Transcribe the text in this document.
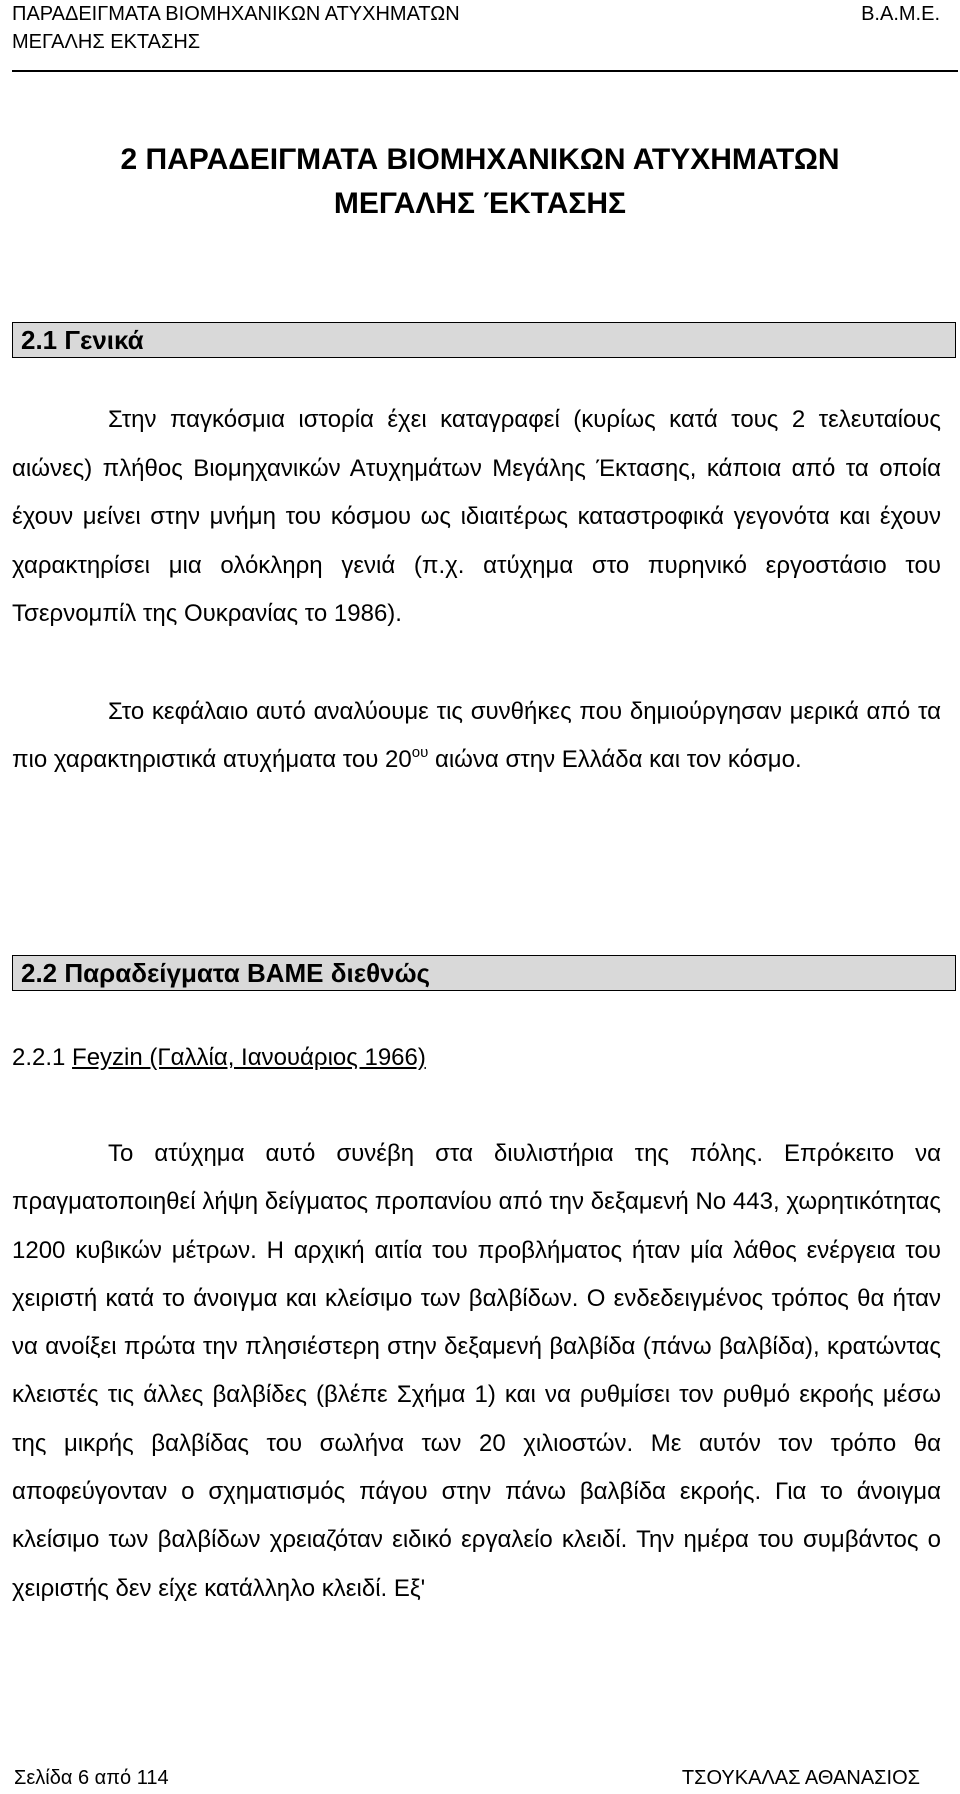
ΠΑΡΑΔΕΙΓΜΑΤΑ ΒΙΟΜΗΧΑΝΙΚΩΝ ΑΤΥΧΗΜΑΤΩΝ
ΜΕΓΑΛΗΣ ΕΚΤΑΣΗΣ
Β.Α.Μ.Ε.
2 ΠΑΡΑΔΕΙΓΜΑΤΑ ΒΙΟΜΗΧΑΝΙΚΩΝ ΑΤΥΧΗΜΑΤΩΝ
ΜΕΓΑΛΗΣ ΈΚΤΑΣΗΣ
2.1 Γενικά

Στην παγκόσμια ιστορία έχει καταγραφεί (κυρίως κατά τους 2 τελευταίους αιώνες) πλήθος Βιομηχανικών Ατυχημάτων Μεγάλης Έκτασης, κάποια από τα οποία έχουν μείνει στην μνήμη του κόσμου ως ιδιαιτέρως καταστροφικά γεγονότα και έχουν χαρακτηρίσει μια ολόκληρη γενιά (π.χ. ατύχημα στο πυρηνικό εργοστάσιο του Τσερνομπίλ της Ουκρανίας το 1986).

Στο κεφάλαιο αυτό αναλύουμε τις συνθήκες που δημιούργησαν μερικά από τα πιο χαρακτηριστικά ατυχήματα του $20^{o\upsilon}$ αιώνα στην Ελλάδα και τον κόσμο.

2.2 Παραδείγματα ΒΑΜΕ διεθνώς
2.2.1 Feyzin (Γαλλία, Ιανουάριος 1966)

Το ατύχημα αυτό συνέβη στα διυλιστήρια της πόλης. Επρόκειτο να πραγματοποιηθεί λήψη δείγματος προπανίου από την δεξαμενή Νο 443, χωρητικότητας 1200 κυβικών μέτρων. Η αρχική αιτία του προβλήματος ήταν μία λάθος ενέργεια του χειριστή κατά το άνοιγμα και κλείσιμο των βαλβίδων. Ο ενδεδειγμένος τρόπος θα ήταν να ανοίξει πρώτα την πλησιέστερη στην δεξαμενή βαλβίδα (πάνω βαλβίδα), κρατώντας κλειστές τις άλλες βαλβίδες (βλέπε Σχήμα 1) και να ρυθμίσει τον ρυθμό εκροής μέσω της μικρής βαλβίδας του σωλήνα των 20 χιλιοστών. Με αυτόν τον τρόπο θα αποφεύγονταν ο σχηματισμός πάγου στην πάνω βαλβίδα εκροής. Για το άνοιγμα κλείσιμο των βαλβίδων χρειαζόταν ειδικό εργαλείο κλειδί. Την ημέρα του συμβάντος ο χειριστής δεν είχε κατάλληλο κλειδί. Εξ'

Σελίδα 6 από 114	ΤΣΟΥΚΑΛΑΣ ΑΘΑΝΑΣΙΟΣ
